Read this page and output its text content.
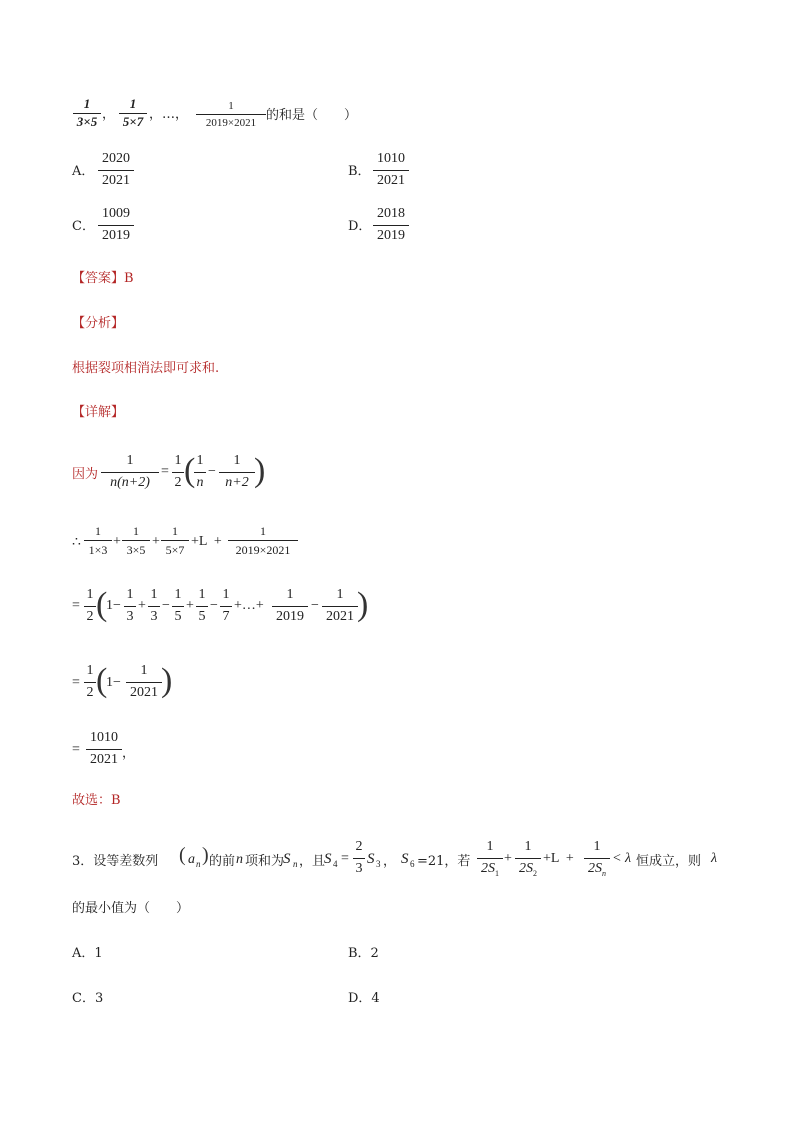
1
3×5 ，
1
5×7 ，…，
1
2019×2021 的和是（　　）
A．
2020
2021
B．
1010
2021
C．
1009
2019
D．
2018
2019
【答案】B
【分析】
根据裂项相消法即可求和.
【详解】
因为
1
n(n+2)
=
1
2 ( 1
n
−
1
n+2 )
∴
1
1×3
+
1
3×5
+
1
5×7
+L  +
1
2019×2021
=
1
2 (
1−
1
3
+
1
3
−
1
5
+
1
5
−
1
7
+…+
1
2019
−
1
2021 )
=
1
2 (
1−
1
2021 )
=
1010
2021 ，
故选：B
3．设等差数列 ( a n ) 的前 n 项和为
S n ，且
S 4 =
2
3
S 3 ， S 6 =21，若
1
$2S_1$
+
1
$2S_2$
+L  +
1
$2S_n$
< λ 恒成立，则 λ
的最小值为（　　）
A．1	B．2
C．3	D．4
